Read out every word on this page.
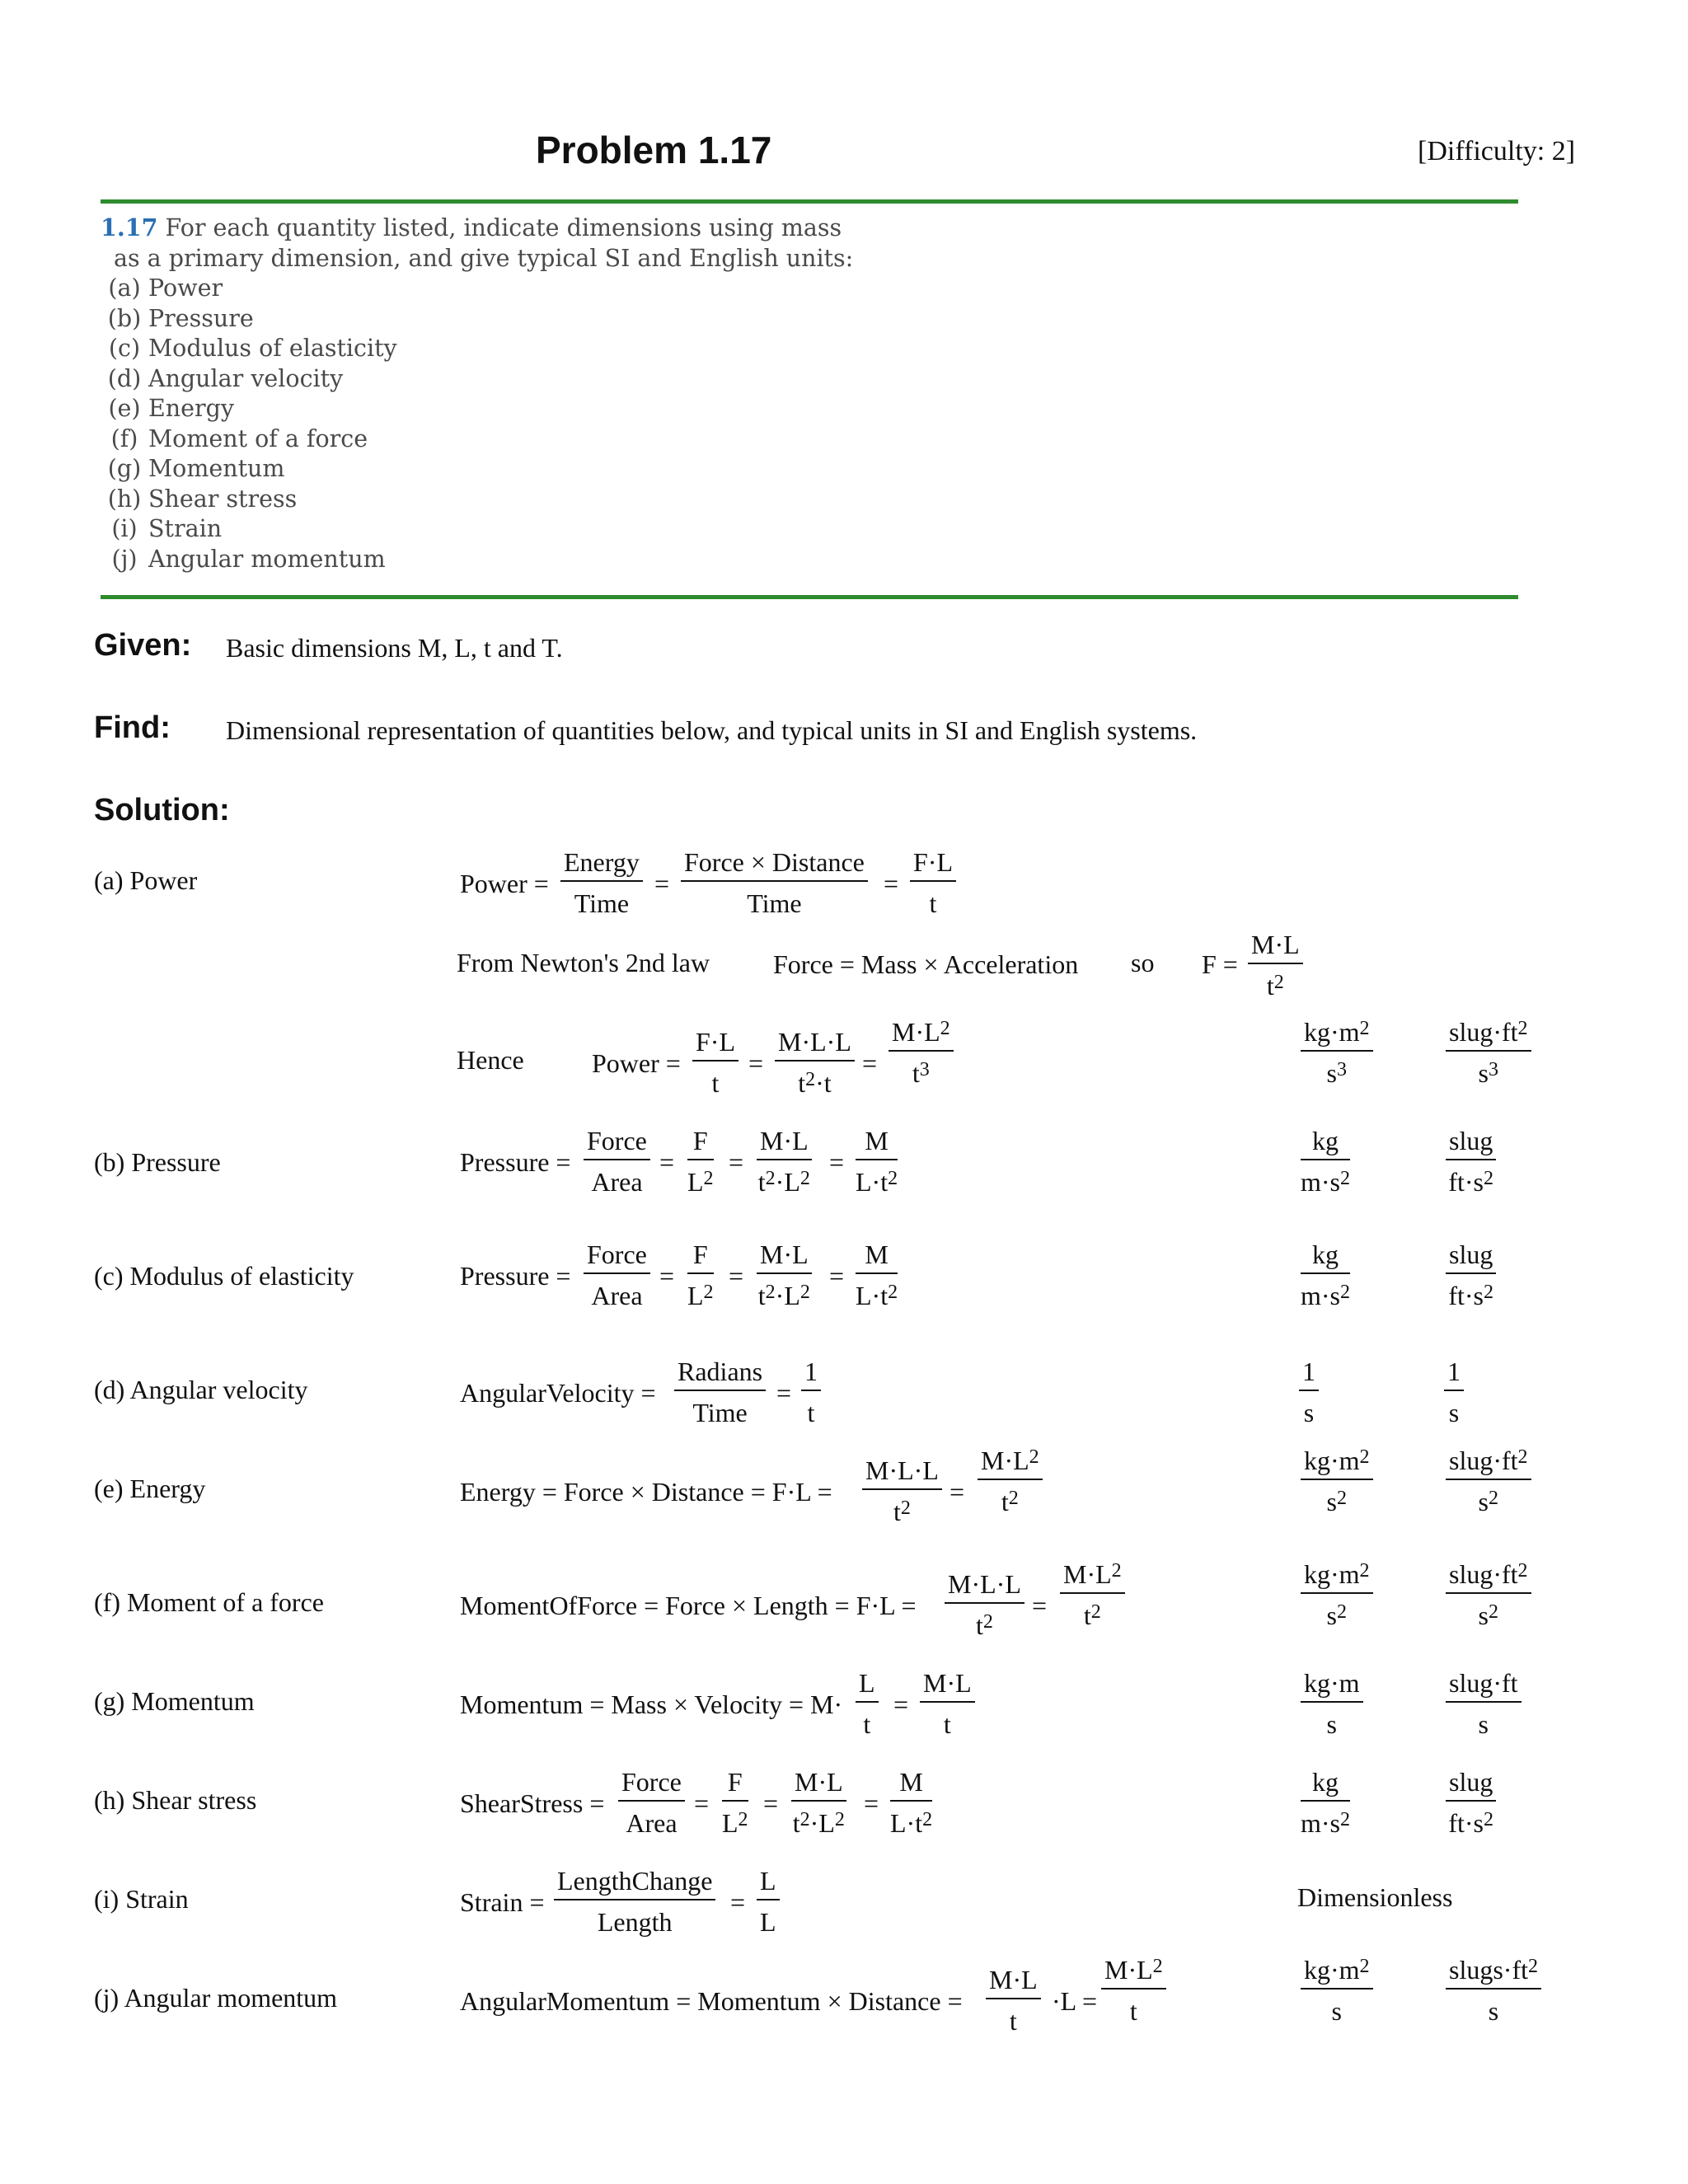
Problem 1.17	[Difficulty: 2]
1.17 For each quantity listed, indicate dimensions using mass
as a primary dimension, and give typical SI and English units:
(a) Power
(b) Pressure
(c) Modulus of elasticity
(d) Angular velocity
(e) Energy
(f) Moment of a force
(g) Momentum
(h) Shear stress
(i) Strain
(j) Angular momentum
Given: Basic dimensions M, L, t and T.
Find: Dimensional representation of quantities below, and typical units in SI and English systems.
Solution:
(a) Power
(b) Pressure
(c) Modulus of elasticity
(d) Angular velocity
(e) Energy
(f) Moment of a force
(g) Momentum
(h) Shear stress
(i) Strain
(j) Angular momentum
Power =
Energy
Time
=
Force × Distance
Time
=
F·L
t
From Newton's 2nd law Force = Mass × Acceleration so F =
M·L
$t^2$
Hence	Power =
F·L
t
=
M·L·L
$t^2\cdot t$
=
$M\cdot L^2$
$t^3$
$kg\cdot m^2$
$s^3$
$slug\cdot ft^2$
$s^3$
Pressure =
Force
Area
=
F
$L^2$
=
M·L
$t^2\cdot L^2$
=
M
$L\cdot t^2$
kg
$m\cdot s^2$
slug
$ft\cdot s^2$
Pressure =
Force
Area
=
F
$L^2$
=
M·L
$t^2\cdot L^2$
=
M
$L\cdot t^2$
kg
$m\cdot s^2$
slug
$ft\cdot s^2$
AngularVelocity =
Radians
Time
=
1
t
1
s
1
s
Energy = Force × Distance = F·L =
M·L·L
$t^2$
=
$M\cdot L^2$
$t^2$
$kg\cdot m^2$
$s^2$
$slug\cdot ft^2$
$s^2$
MomentOfForce = Force × Length = F·L =
M·L·L
$t^2$
=
$M\cdot L^2$
$t^2$
$kg\cdot m^2$
$s^2$
$slug\cdot ft^2$
$s^2$
Momentum = Mass × Velocity = M·
L
t
=
M·L
t
kg·m
s
slug·ft
s
ShearStress =
Force
Area
=
F
$L^2$
=
M·L
$t^2\cdot L^2$
=
M
$L\cdot t^2$
kg
$m\cdot s^2$
slug
$ft\cdot s^2$
Strain =
LengthChange
Length
=
L
L
Dimensionless
AngularMomentum = Momentum × Distance =
M·L
t
·L =
$M\cdot L^2$
t
$kg\cdot m^2$
s
$slugs\cdot ft^2$
s
